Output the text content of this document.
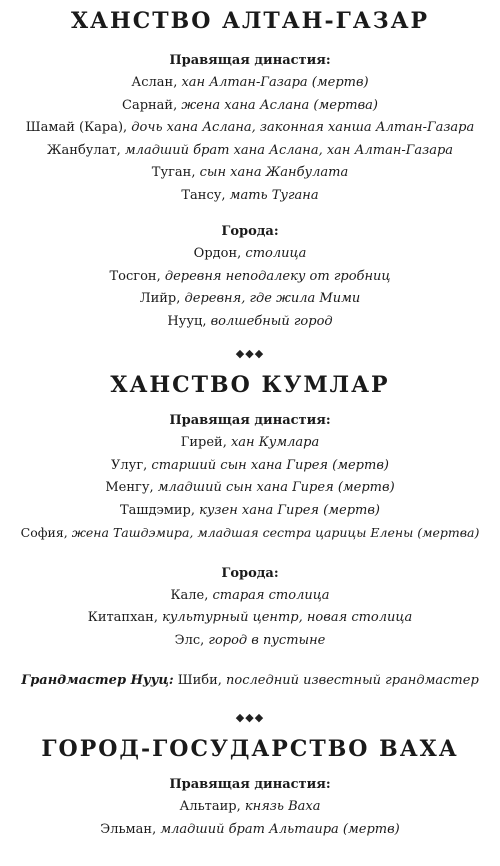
ХАНСТВО АЛТАН-ГАЗАР

Правящая династия:

Аслан, хан Алтан-Газара (мертв)

Сарнай, жена хана Аслана (мертва)

Шамай (Кара), дочь хана Аслана, законная ханша Алтан-Газара

Жанбулат, младший брат хана Аслана, хан Алтан-Газара

Туган, сын хана Жанбулата

Тансу, мать Тугана

Города:

Ордон, столица

Тосгон, деревня неподалеку от гробниц

Лийр, деревня, где жила Мими

Нууц, волшебный город

◆◆◆
ХАНСТВО КУМЛАР

Правящая династия:

Гирей, хан Кумлара

Улуг, старший сын хана Гирея (мертв)

Менгу, младший сын хана Гирея (мертв)

Ташдэмир, кузен хана Гирея (мертв)

София, жена Ташдэмира, младшая сестра царицы Елены (мертва)

Города:

Кале, старая столица

Китапхан, культурный центр, новая столица

Элс, город в пустыне

Грандмастер Нууц: Шиби, последний известный грандмастер

◆◆◆
ГОРОД-ГОСУДАРСТВО ВАХА

Правящая династия:

Альтаир, князь Ваха

Эльман, младший брат Альтаира (мертв)
